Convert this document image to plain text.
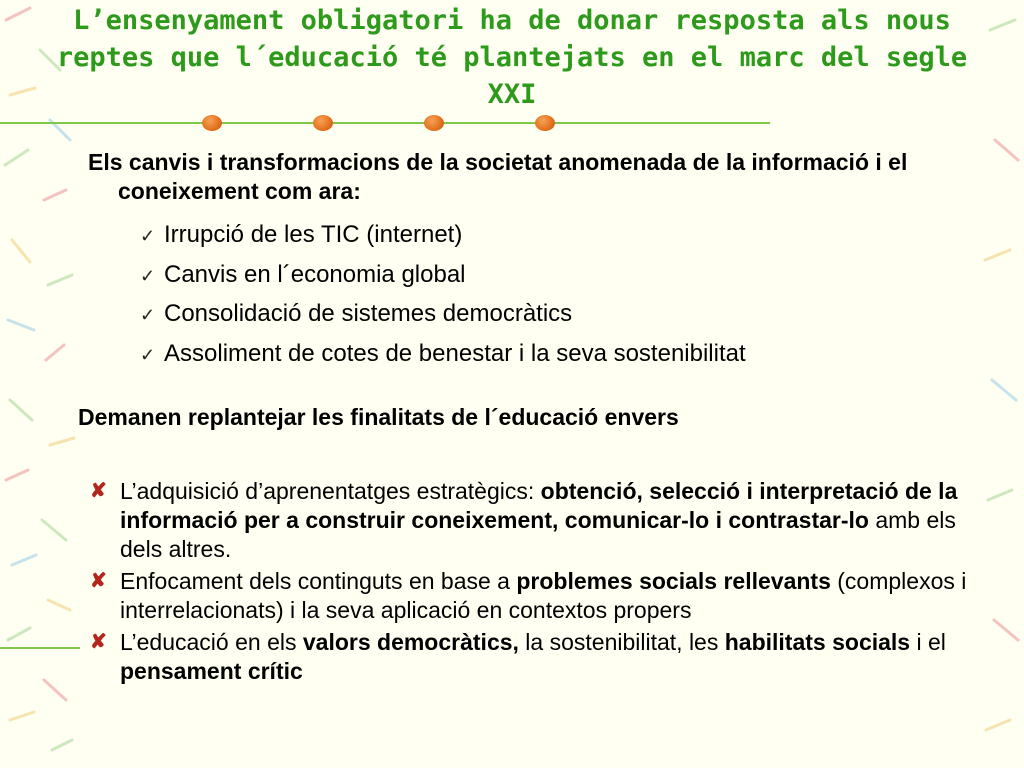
L’ensenyament obligatori ha de donar resposta als nous reptes que l´educació té plantejats en el marc del segle XXI
Els canvis i transformacions de la societat anomenada de la informació i el coneixement com ara:
✓ Irrupció de les TIC (internet)
✓ Canvis en l´economia global
✓ Consolidació de sistemes democràtics
✓ Assoliment de cotes de benestar i la seva sostenibilitat
Demanen replantejar les finalitats de l´educació envers
✘ L’adquisició d’aprenentatges estratègics: obtenció, selecció i interpretació de la informació per a construir coneixement, comunicar-lo i contrastar-lo amb els dels altres.
✘ Enfocament dels continguts en base a problemes socials rellevants (complexos i interrelacionats) i la seva aplicació en contextos propers
✘ L’educació en els valors democràtics, la sostenibilitat, les habilitats socials i el pensament crític
